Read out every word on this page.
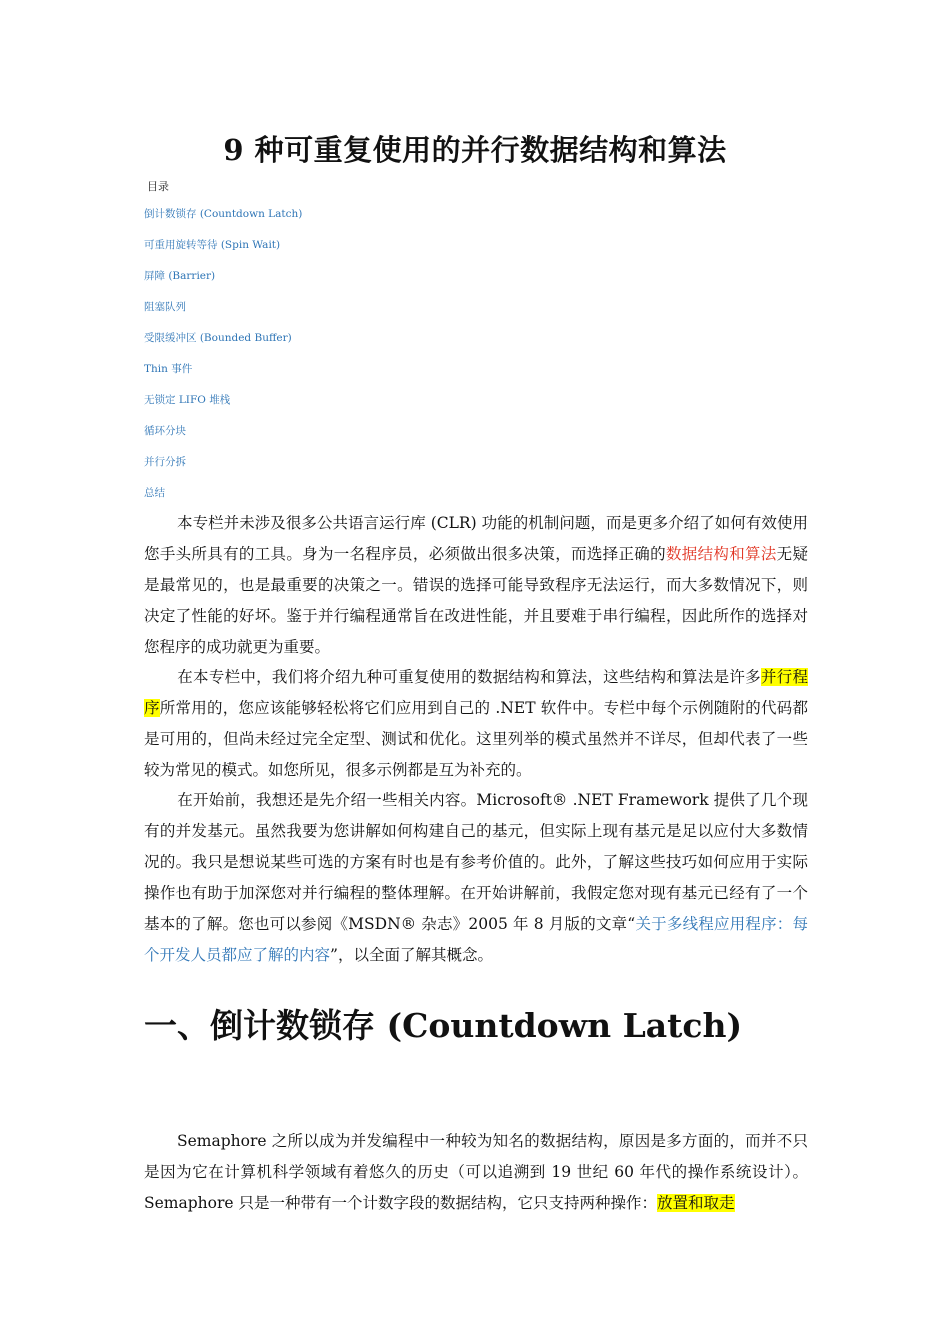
9 种可重复使用的并行数据结构和算法
目录
倒计数锁存 (Countdown Latch)
可重用旋转等待 (Spin Wait)
屏障 (Barrier)
阻塞队列
受限缓冲区 (Bounded Buffer)
Thin 事件
无锁定 LIFO 堆栈
循环分块
并行分拆
总结

本专栏并未涉及很多公共语言运行库 (CLR) 功能的机制问题，而是更多介绍了如何有效使用您手头所具有的工具。身为一名程序员，必须做出很多决策，而选择正确的数据结构和算法无疑是最常见的，也是最重要的决策之一。错误的选择可能导致程序无法运行，而大多数情况下，则决定了性能的好坏。鉴于并行编程通常旨在改进性能，并且要难于串行编程，因此所作的选择对您程序的成功就更为重要。

在本专栏中，我们将介绍九种可重复使用的数据结构和算法，这些结构和算法是许多并行程序所常用的，您应该能够轻松将它们应用到自己的 .NET 软件中。专栏中每个示例随附的代码都是可用的，但尚未经过完全定型、测试和优化。这里列举的模式虽然并不详尽，但却代表了一些较为常见的模式。如您所见，很多示例都是互为补充的。

在开始前，我想还是先介绍一些相关内容。Microsoft® .NET Framework 提供了几个现有的并发基元。虽然我要为您讲解如何构建自己的基元，但实际上现有基元是足以应付大多数情况的。我只是想说某些可选的方案有时也是有参考价值的。此外，了解这些技巧如何应用于实际操作也有助于加深您对并行编程的整体理解。在开始讲解前，我假定您对现有基元已经有了一个基本的了解。您也可以参阅《MSDN® 杂志》2005 年 8 月版的文章“关于多线程应用程序：每个开发人员都应了解的内容”，以全面了解其概念。

一、倒计数锁存 (Countdown Latch)

Semaphore 之所以成为并发编程中一种较为知名的数据结构，原因是多方面的，而并不只是因为它在计算机科学领域有着悠久的历史（可以追溯到 19 世纪 60 年代的操作系统设计）。Semaphore 只是一种带有一个计数字段的数据结构，它只支持两种操作：放置和取走
